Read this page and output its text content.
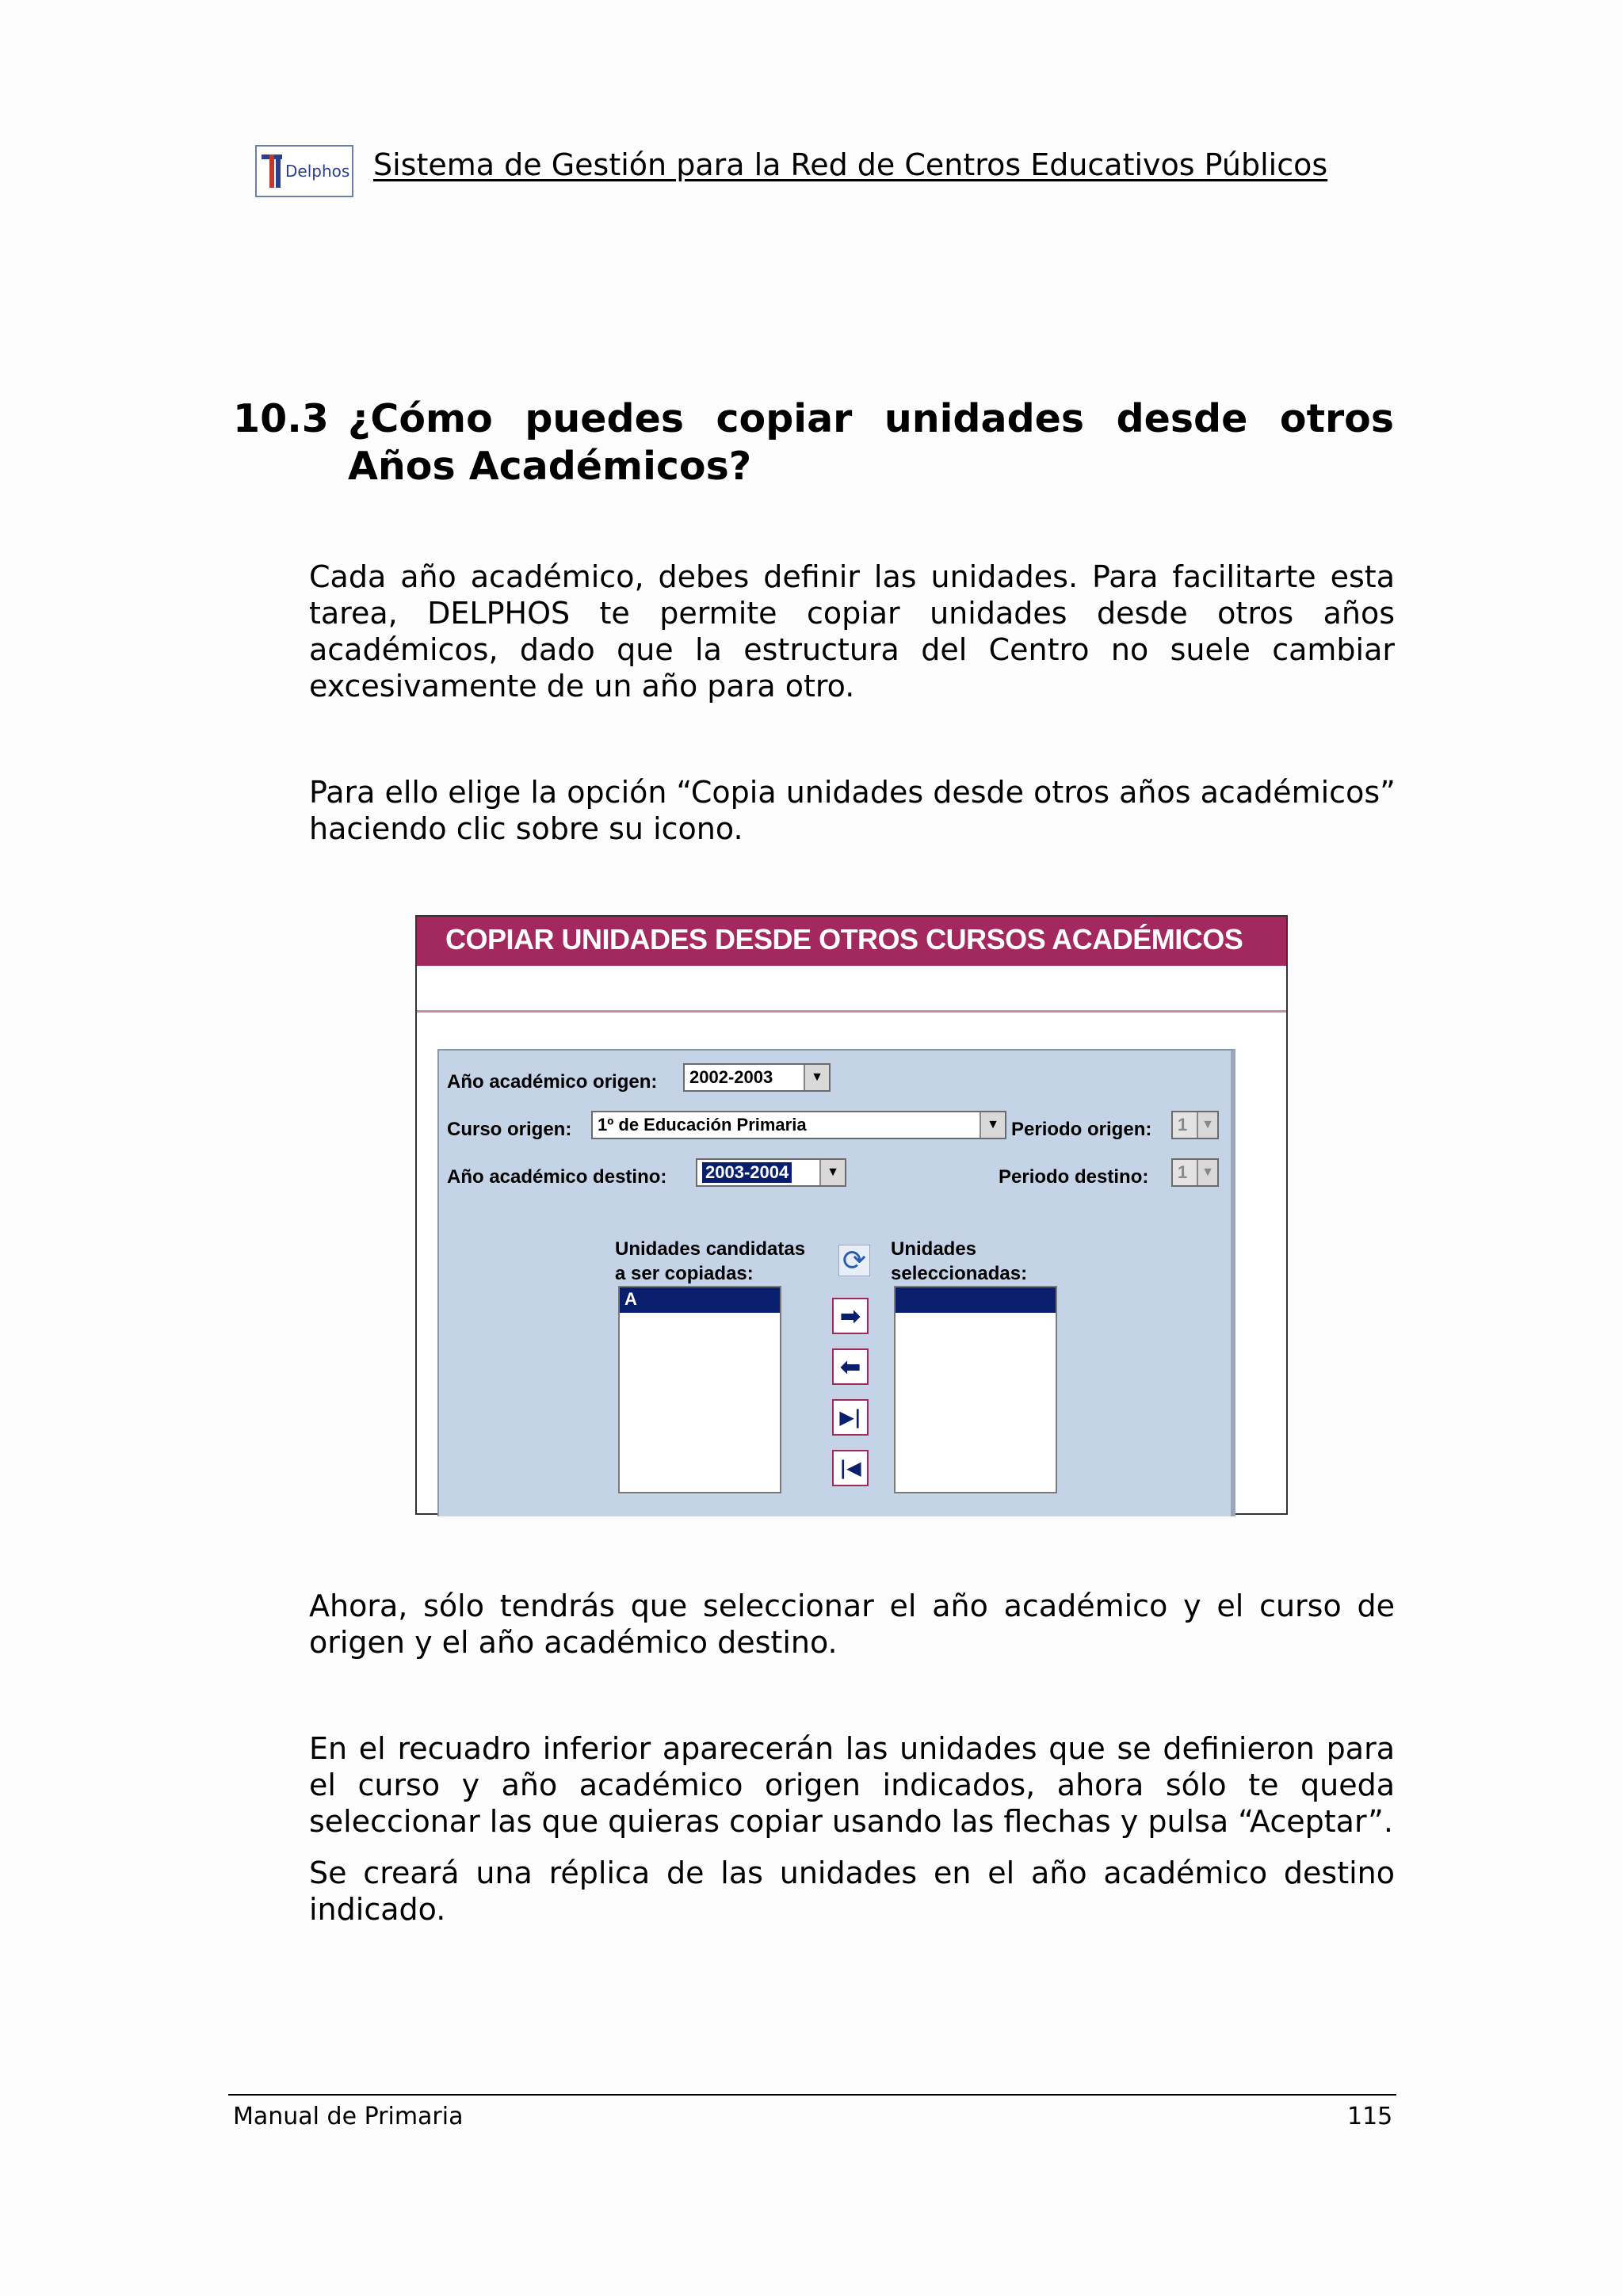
Delphos Sistema de Gestión para la Red de Centros Educativos Públicos
10.3 ¿Cómo puedes copiar unidades desde otros
Años Académicos?
Cada año académico, debes definir las unidades. Para facilitarte esta
tarea, DELPHOS te permite copiar unidades desde otros años
académicos, dado que la estructura del Centro no suele cambiar
excesivamente de un año para otro.
Para ello elige la opción “Copia unidades desde otros años académicos”
haciendo clic sobre su icono.
COPIAR UNIDADES DESDE OTROS CURSOS ACADÉMICOS
Año académico origen: 2002-2003	▼
Curso origen: 1º de Educación Primaria	▼ Periodo origen: 1	▼
Año académico destino: 2003-2004	▼	Periodo destino: 1	▼
Unidades candidatas
a ser copiadas:	⟳ Unidades
seleccionadas:
A
➡
⬅
▶|
|◀
Ahora, sólo tendrás que seleccionar el año académico y el curso de
origen y el año académico destino.
En el recuadro inferior aparecerán las unidades que se definieron para
el curso y año académico origen indicados, ahora sólo te queda
seleccionar las que quieras copiar usando las flechas y pulsa “Aceptar”.
Se creará una réplica de las unidades en el año académico destino
indicado.
Manual de Primaria	115
